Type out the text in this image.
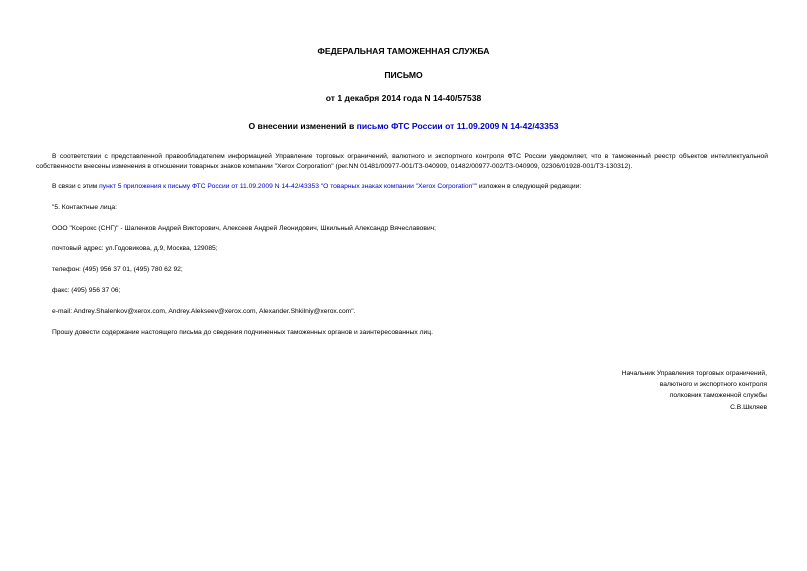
ФЕДЕРАЛЬНАЯ ТАМОЖЕННАЯ СЛУЖБА
ПИСЬМО
от 1 декабря 2014 года N 14-40/57538
О внесении изменений в письмо ФТС России от 11.09.2009 N 14-42/43353
В соответствии с представленной правообладателем информацией Управление торговых ограничений, валютного и экспортного контроля ФТС России уведомляет, что в таможенный реестр объектов интеллектуальной собственности внесены изменения в отношении товарных знаков компании "Xerox Corporation" (рег.NN 01481/00977-001/ТЗ-040909, 01482/00977-002/ТЗ-040909, 02306/01928-001/ТЗ-130312).
В связи с этим пункт 5 приложения к письму ФТС России от 11.09.2009 N 14-42/43353 "О товарных знаках компании "Xerox Corporation"" изложен в следующей редакции:
"5. Контактные лица:
ООО "Ксерокс (СНГ)" - Шаленков Андрей Викторович, Алексеев Андрей Леонидович, Шкильный Александр Вячеславович;
почтовый адрес: ул.Годовикова, д.9, Москва, 129085;
телефон: (495) 956 37 01, (495) 780 62 92;
факс: (495) 956 37 06;
e-mail: Andrey.Shalenkov@xerox.com, Andrey.Alekseev@xerox.com, Alexander.Shkilniy@xerox.com".
Прошу довести содержание настоящего письма до сведения подчиненных таможенных органов и заинтересованных лиц.
Начальник Управления торговых ограничений,
валютного и экспортного контроля
полковник таможенной службы
С.В.Шкляев
